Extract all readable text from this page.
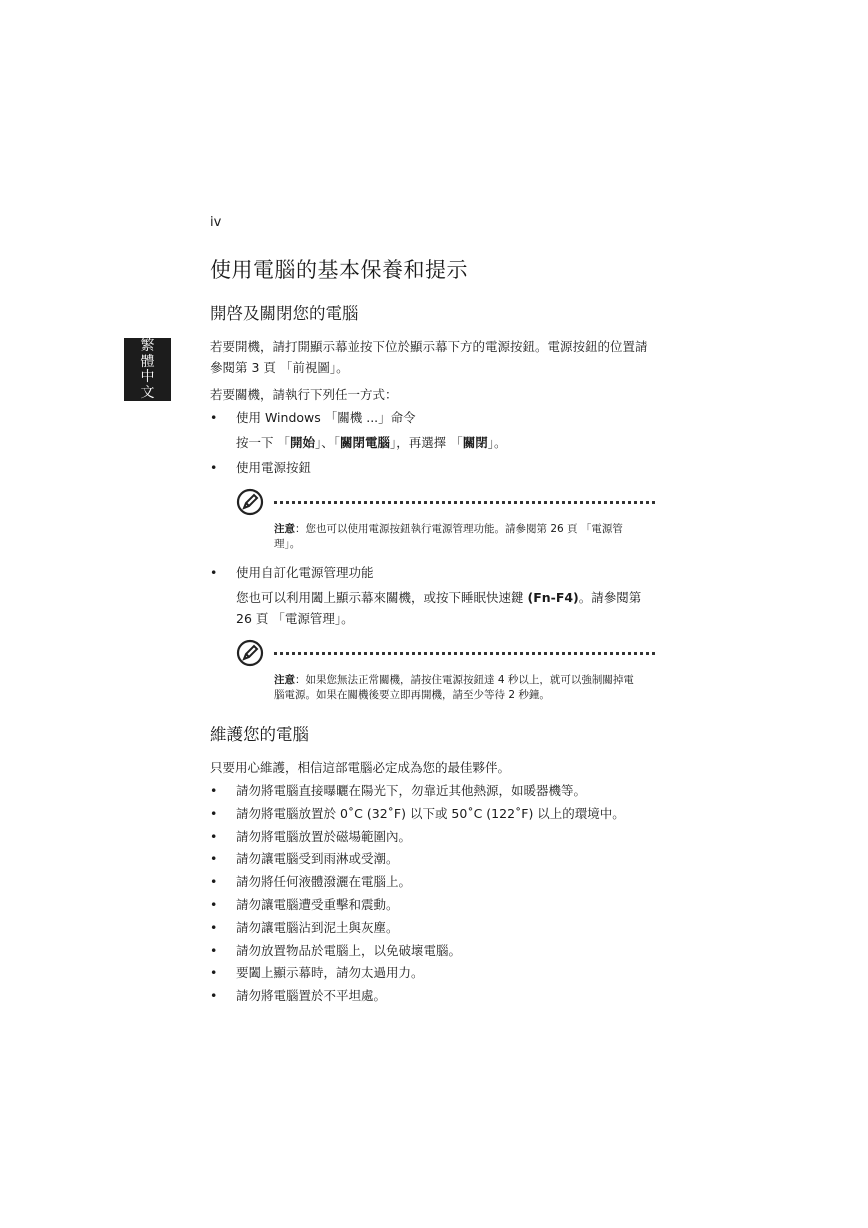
iv
繁
體
中
文
使用電腦的基本保養和提示
開啓及關閉您的電腦

若要開機，請打開顯示幕並按下位於顯示幕下方的電源按鈕。電源按鈕的位置請參閱第 3 頁 「前視圖」。

若要關機，請執行下列任一方式：

• 使用 Windows 「關機 ...」命令
按一下 「開始」、「關閉電腦」，再選擇 「關閉」。
• 使用電源按鈕
注意：您也可以使用電源按鈕執行電源管理功能。請參閱第 26 頁 「電源管理」。
• 使用自訂化電源管理功能
您也可以利用闔上顯示幕來關機，或按下睡眠快速鍵 (Fn-F4)。請參閱第 26 頁 「電源管理」。
注意：如果您無法正常關機，請按住電源按鈕達 4 秒以上，就可以強制關掉電腦電源。如果在關機後要立即再開機，請至少等待 2 秒鐘。
維護您的電腦

只要用心維護，相信這部電腦必定成為您的最佳夥伴。

• 請勿將電腦直接曝曬在陽光下，勿靠近其他熱源，如暖器機等。
• 請勿將電腦放置於 0˚C (32˚F) 以下或 50˚C (122˚F) 以上的環境中。
• 請勿將電腦放置於磁場範圍內。
• 請勿讓電腦受到雨淋或受潮。
• 請勿將任何液體潑灑在電腦上。
• 請勿讓電腦遭受重擊和震動。
• 請勿讓電腦沾到泥土與灰塵。
• 請勿放置物品於電腦上，以免破壞電腦。
• 要闔上顯示幕時，請勿太過用力。
• 請勿將電腦置於不平坦處。
